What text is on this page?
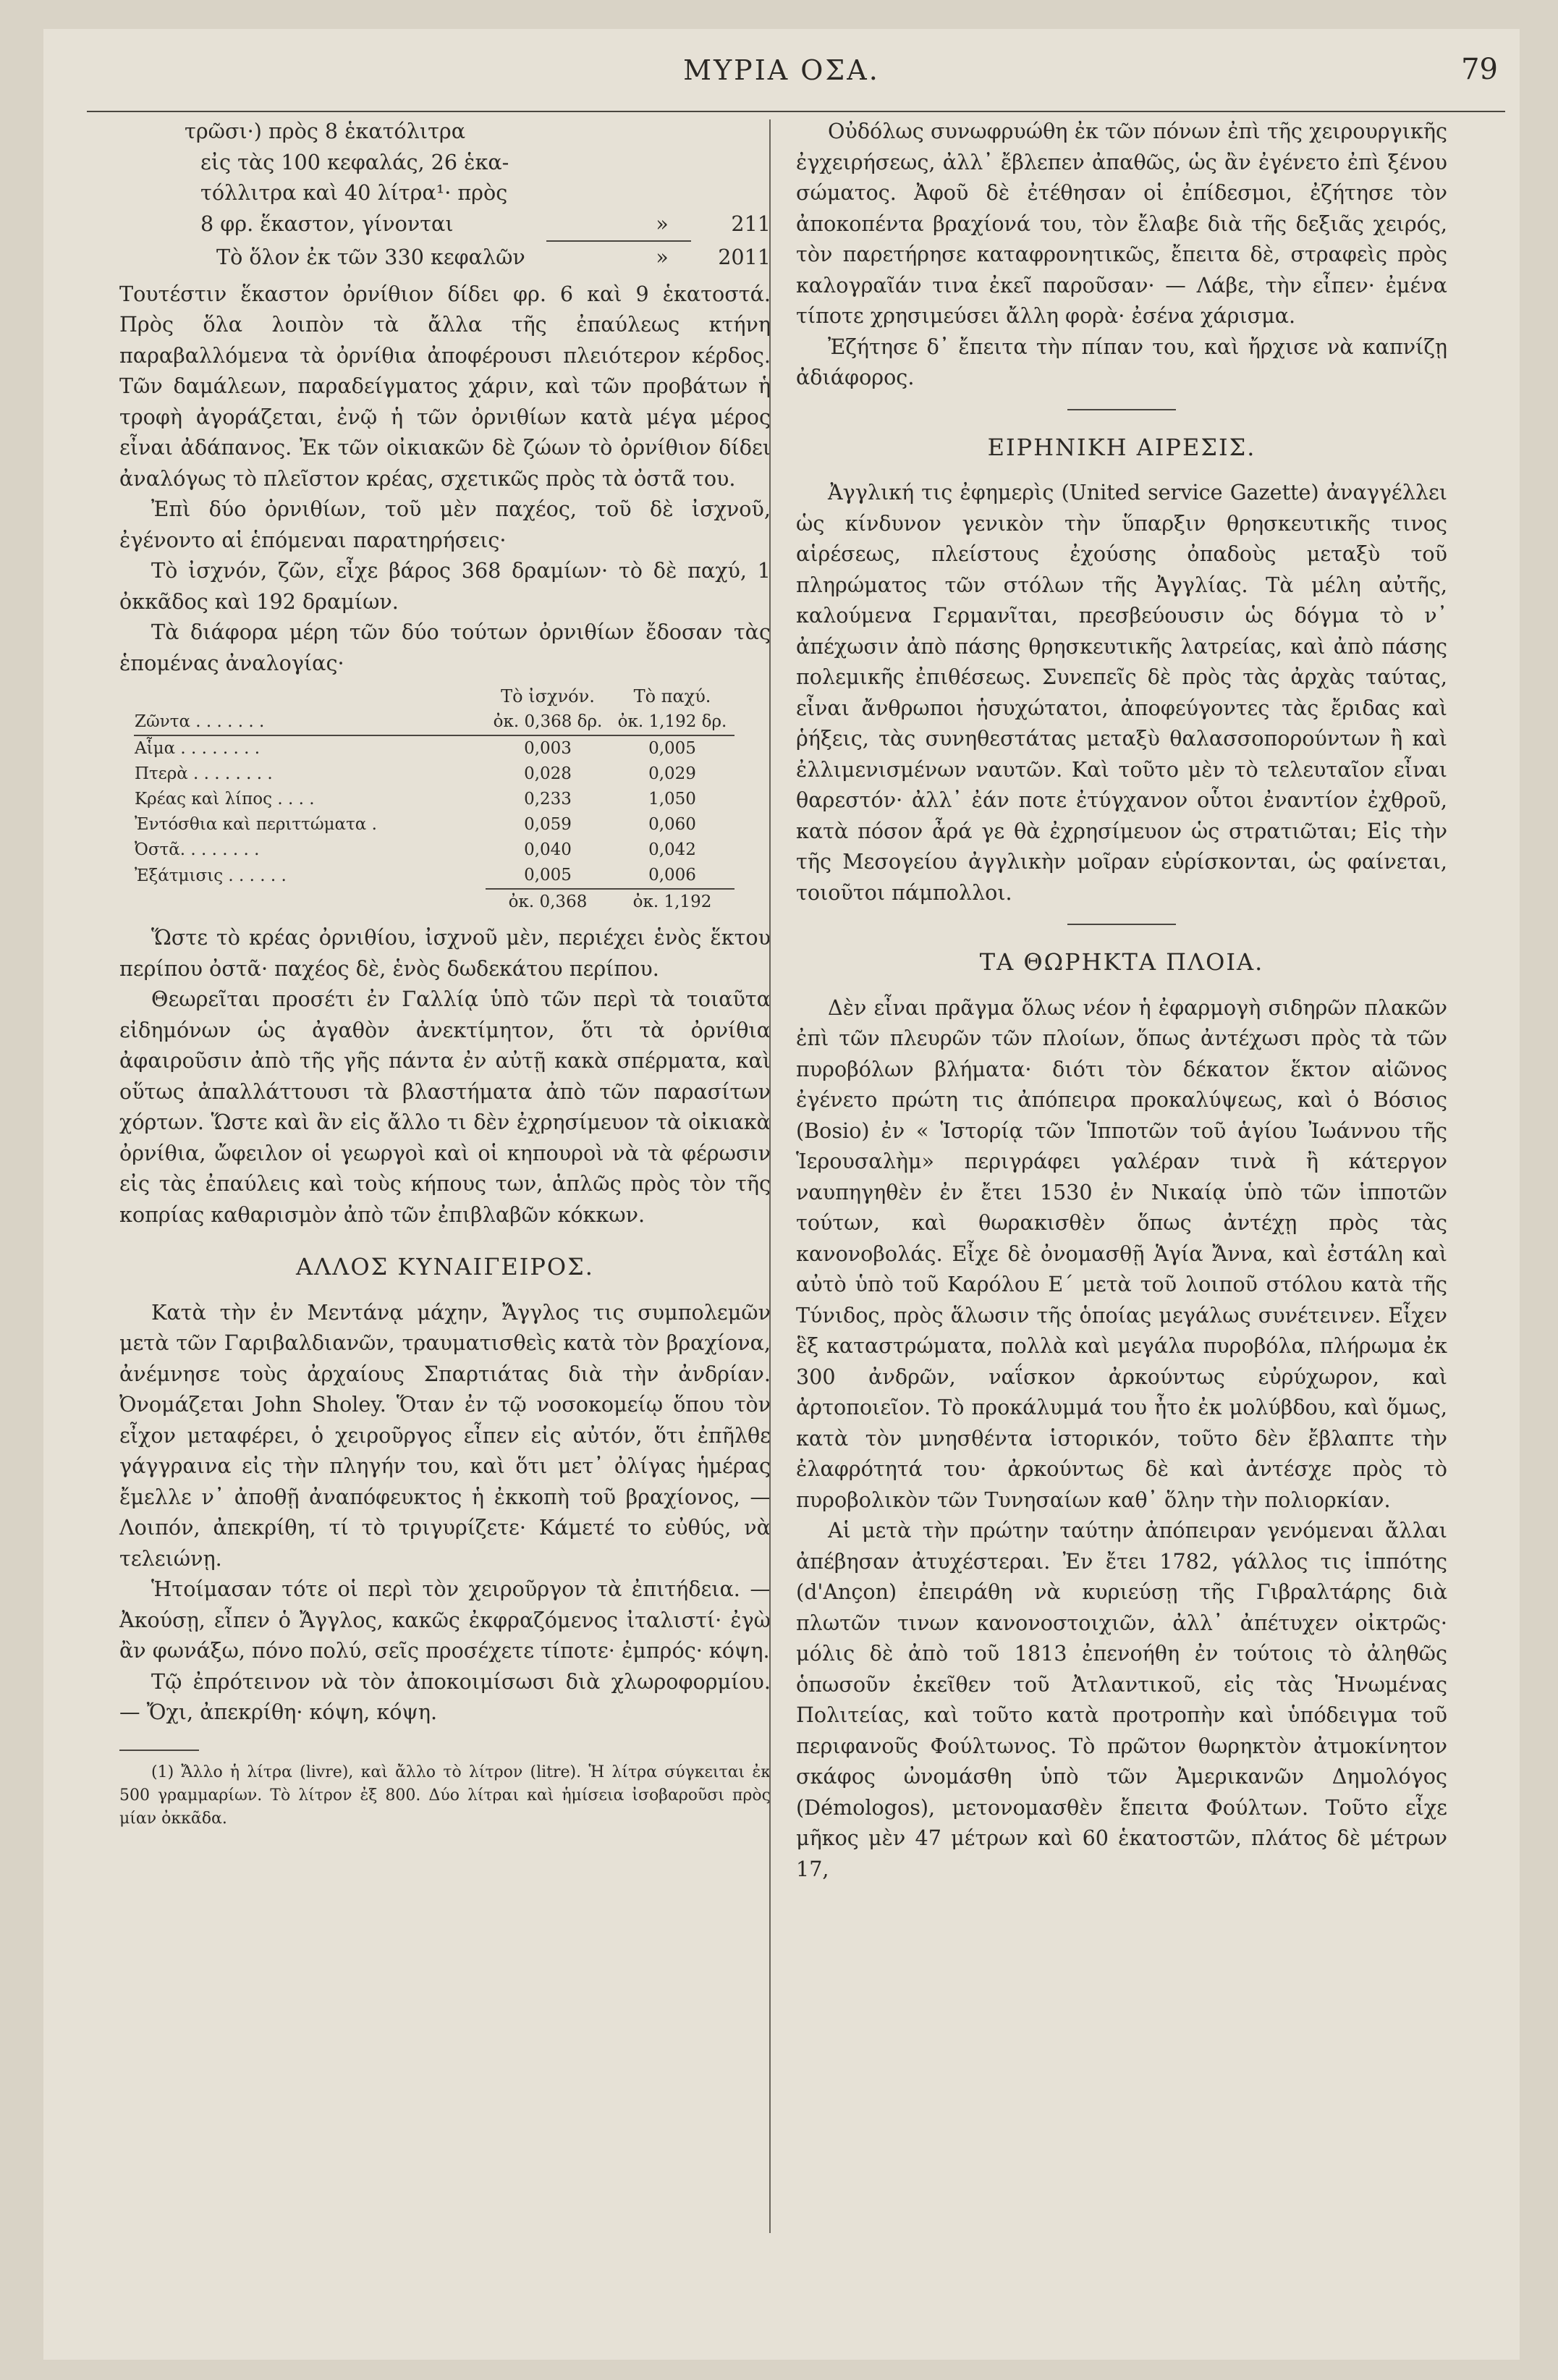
ΜΥΡΙΑ ΟΣΑ.	79

τρῶσι·) πρὸς 8 ἑκατόλιτρα

εἰς τὰς 100 κεφαλάς, 26 ἑκα-

τόλλιτρα καὶ 40 λίτρα¹· πρὸς

8 φρ. ἕκαστον, γίνονται	»	211
Τὸ ὅλον ἐκ τῶν 330 κεφαλῶν	»	2011

Τουτέστιν ἕκαστον ὀρνίθιον δίδει φρ. 6 καὶ 9 ἑκατοστά. Πρὸς ὅλα λοιπὸν τὰ ἄλλα τῆς ἐπαύλεως κτήνη παραβαλλόμενα τὰ ὀρνίθια ἀποφέρουσι πλειότερον κέρδος. Τῶν δαμάλεων, παραδείγματος χάριν, καὶ τῶν προβάτων ἡ τροφὴ ἀγοράζεται, ἐνῷ ἡ τῶν ὀρνιθίων κατὰ μέγα μέρος εἶναι ἀδάπανος. Ἐκ τῶν οἰκιακῶν δὲ ζώων τὸ ὀρνίθιον δίδει ἀναλόγως τὸ πλεῖστον κρέας, σχετικῶς πρὸς τὰ ὀστᾶ του.

Ἐπὶ δύο ὀρνιθίων, τοῦ μὲν παχέος, τοῦ δὲ ἰσχνοῦ, ἐγένοντο αἱ ἑπόμεναι παρατηρήσεις·

Τὸ ἰσχνόν, ζῶν, εἶχε βάρος 368 δραμίων· τὸ δὲ παχύ, 1 ὀκκᾶδος καὶ 192 δραμίων.

Τὰ διάφορα μέρη τῶν δύο τούτων ὀρνιθίων ἔδοσαν τὰς ἑπομένας ἀναλογίας·

	Τὸ ἰσχνόν.	Τὸ παχύ.
Ζῶντα . . . . . . .	ὀκ. 0,368 δρ.	ὀκ. 1,192 δρ.
Αἷμα . . . . . . . .	0,003	0,005
Πτερὰ . . . . . . . .	0,028	0,029
Κρέας καὶ λίπος . . . .	0,233	1,050
Ἐντόσθια καὶ περιττώματα .	0,059	0,060
Ὀστᾶ. . . . . . . .	0,040	0,042
Ἐξάτμισις . . . . . .	0,005	0,006
	ὀκ. 0,368	ὀκ. 1,192

Ὥστε τὸ κρέας ὀρνιθίου, ἰσχνοῦ μὲν, περιέχει ἑνὸς ἕκτου περίπου ὀστᾶ· παχέος δὲ, ἑνὸς δωδεκάτου περίπου.

Θεωρεῖται προσέτι ἐν Γαλλίᾳ ὑπὸ τῶν περὶ τὰ τοιαῦτα εἰδημόνων ὡς ἀγαθὸν ἀνεκτίμητον, ὅτι τὰ ὀρνίθια ἀφαιροῦσιν ἀπὸ τῆς γῆς πάντα ἐν αὐτῇ κακὰ σπέρματα, καὶ οὕτως ἀπαλλάττουσι τὰ βλαστήματα ἀπὸ τῶν παρασίτων χόρτων. Ὥστε καὶ ἂν εἰς ἄλλο τι δὲν ἐχρησίμευον τὰ οἰκιακὰ ὀρνίθια, ὤφειλον οἱ γεωργοὶ καὶ οἱ κηπουροὶ νὰ τὰ φέρωσιν εἰς τὰς ἐπαύλεις καὶ τοὺς κήπους των, ἁπλῶς πρὸς τὸν τῆς κοπρίας καθαρισμὸν ἀπὸ τῶν ἐπιβλαβῶν κόκκων.

ΑΛΛΟΣ ΚΥΝΑΙΓΕΙΡΟΣ.

Κατὰ τὴν ἐν Μεντάνᾳ μάχην, Ἄγγλος τις συμπολεμῶν μετὰ τῶν Γαριβαλδιανῶν, τραυματισθεὶς κατὰ τὸν βραχίονα, ἀνέμνησε τοὺς ἀρχαίους Σπαρτιάτας διὰ τὴν ἀνδρίαν. Ὀνομάζεται John Sholey. Ὅταν ἐν τῷ νοσοκομείῳ ὅπου τὸν εἶχον μεταφέρει, ὁ χειροῦργος εἶπεν εἰς αὐτόν, ὅτι ἐπῆλθε γάγγραινα εἰς τὴν πληγήν του, καὶ ὅτι μετ᾽ ὀλίγας ἡμέρας ἔμελλε ν᾽ ἀποθῇ ἀναπόφευκτος ἡ ἐκκοπὴ τοῦ βραχίονος, — Λοιπόν, ἀπεκρίθη, τί τὸ τριγυρίζετε· Κάμετέ το εὐθύς, νὰ τελειώνῃ.

Ἡτοίμασαν τότε οἱ περὶ τὸν χειροῦργον τὰ ἐπιτήδεια. — Ἀκούσῃ, εἶπεν ὁ Ἄγγλος, κακῶς ἐκφραζόμενος ἰταλιστί· ἐγὼ ἂν φωνάξω, πόνο πολύ, σεῖς προσέχετε τίποτε· ἐμπρός· κόψη.

Τῷ ἐπρότεινον νὰ τὸν ἀποκοιμίσωσι διὰ χλωροφορμίου. — Ὄχι, ἀπεκρίθη· κόψη, κόψη.

(1) Ἄλλο ἡ λίτρα (livre), καὶ ἄλλο τὸ λίτρον (litre). Ἡ λίτρα σύγκειται ἐκ 500 γραμμαρίων. Τὸ λίτρον ἐξ 800. Δύο λίτραι καὶ ἡμίσεια ἰσοβαροῦσι πρὸς μίαν ὀκκᾶδα.

Οὐδόλως συνωφρυώθη ἐκ τῶν πόνων ἐπὶ τῆς χειρουργικῆς ἐγχειρήσεως, ἀλλ᾽ ἔβλεπεν ἀπαθῶς, ὡς ἂν ἐγένετο ἐπὶ ξένου σώματος. Ἀφοῦ δὲ ἐτέθησαν οἱ ἐπίδεσμοι, ἐζήτησε τὸν ἀποκοπέντα βραχίονά του, τὸν ἔλαβε διὰ τῆς δεξιᾶς χειρός, τὸν παρετήρησε καταφρονητικῶς, ἔπειτα δὲ, στραφεὶς πρὸς καλογραῖάν τινα ἐκεῖ παροῦσαν· — Λάβε, τὴν εἶπεν· ἐμένα τίποτε χρησιμεύσει ἄλλη φορὰ· ἐσένα χάρισμα.

Ἐζήτησε δ᾽ ἔπειτα τὴν πίπαν του, καὶ ἤρχισε νὰ καπνίζῃ ἀδιάφορος.

ΕΙΡΗΝΙΚΗ ΑΙΡΕΣΙΣ.

Ἀγγλική τις ἐφημερὶς (United service Gazette) ἀναγγέλλει ὡς κίνδυνον γενικὸν τὴν ὕπαρξιν θρησκευτικῆς τινος αἱρέσεως, πλείστους ἐχούσης ὀπαδοὺς μεταξὺ τοῦ πληρώματος τῶν στόλων τῆς Ἀγγλίας. Τὰ μέλη αὐτῆς, καλούμενα Γερμανῖται, πρεσβεύουσιν ὡς δόγμα τὸ ν᾽ ἀπέχωσιν ἀπὸ πάσης θρησκευτικῆς λατρείας, καὶ ἀπὸ πάσης πολεμικῆς ἐπιθέσεως. Συνεπεῖς δὲ πρὸς τὰς ἀρχὰς ταύτας, εἶναι ἄνθρωποι ἡσυχώτατοι, ἀποφεύγοντες τὰς ἔριδας καὶ ῥήξεις, τὰς συνηθεστάτας μεταξὺ θαλασσοπορούντων ἢ καὶ ἐλλιμενισμένων ναυτῶν. Καὶ τοῦτο μὲν τὸ τελευταῖον εἶναι θαρεστόν· ἀλλ᾽ ἐάν ποτε ἐτύγχανον οὗτοι ἐναντίον ἐχθροῦ, κατὰ πόσον ἆρά γε θὰ ἐχρησίμευον ὡς στρατιῶται; Εἰς τὴν τῆς Μεσογείου ἀγγλικὴν μοῖραν εὑρίσκονται, ὡς φαίνεται, τοιοῦτοι πάμπολλοι.

ΤΑ ΘΩΡΗΚΤΑ ΠΛΟΙΑ.

Δὲν εἶναι πρᾶγμα ὅλως νέον ἡ ἐφαρμογὴ σιδηρῶν πλακῶν ἐπὶ τῶν πλευρῶν τῶν πλοίων, ὅπως ἀντέχωσι πρὸς τὰ τῶν πυροβόλων βλήματα· διότι τὸν δέκατον ἕκτον αἰῶνος ἐγένετο πρώτη τις ἀπόπειρα προκαλύψεως, καὶ ὁ Βόσιος (Bosio) ἐν « Ἱστορίᾳ τῶν Ἱπποτῶν τοῦ ἁγίου Ἰωάννου τῆς Ἱερουσαλὴμ» περιγράφει γαλέραν τινὰ ἢ κάτεργον ναυπηγηθὲν ἐν ἔτει 1530 ἐν Νικαίᾳ ὑπὸ τῶν ἱπποτῶν τούτων, καὶ θωρακισθὲν ὅπως ἀντέχῃ πρὸς τὰς κανονοβολάς. Εἶχε δὲ ὀνομασθῇ Ἁγία Ἄννα, καὶ ἐστάλη καὶ αὐτὸ ὑπὸ τοῦ Καρόλου Ε΄ μετὰ τοῦ λοιποῦ στόλου κατὰ τῆς Τύνιδος, πρὸς ἅλωσιν τῆς ὁποίας μεγάλως συνέτεινεν. Εἶχεν ἓξ καταστρώματα, πολλὰ καὶ μεγάλα πυροβόλα, πλήρωμα ἐκ 300 ἀνδρῶν, ναΐσκον ἀρκούντως εὐρύχωρον, καὶ ἀρτοποιεῖον. Τὸ προκάλυμμά του ἦτο ἐκ μολύβδου, καὶ ὅμως, κατὰ τὸν μνησθέντα ἱστορικόν, τοῦτο δὲν ἔβλαπτε τὴν ἐλαφρότητά του· ἀρκούντως δὲ καὶ ἀντέσχε πρὸς τὸ πυροβολικὸν τῶν Τυνησαίων καθ᾽ ὅλην τὴν πολιορκίαν.

Αἱ μετὰ τὴν πρώτην ταύτην ἀπόπειραν γενόμεναι ἄλλαι ἀπέβησαν ἀτυχέστεραι. Ἐν ἔτει 1782, γάλλος τις ἱππότης (d'Ançon) ἐπειράθη νὰ κυριεύσῃ τῆς Γιβραλτάρης διὰ πλωτῶν τινων κανονοστοιχιῶν, ἀλλ᾽ ἀπέτυχεν οἰκτρῶς· μόλις δὲ ἀπὸ τοῦ 1813 ἐπενοήθη ἐν τούτοις τὸ ἀληθῶς ὁπωσοῦν ἐκεῖθεν τοῦ Ἀτλαντικοῦ, εἰς τὰς Ἡνωμένας Πολιτείας, καὶ τοῦτο κατὰ προτροπὴν καὶ ὑπόδειγμα τοῦ περιφανοῦς Φούλτωνος. Τὸ πρῶτον θωρηκτὸν ἀτμοκίνητον σκάφος ὠνομάσθη ὑπὸ τῶν Ἀμερικανῶν Δημολόγος (Démologos), μετονομασθὲν ἔπειτα Φούλτων. Τοῦτο εἶχε μῆκος μὲν 47 μέτρων καὶ 60 ἑκατοστῶν, πλάτος δὲ μέτρων 17,
